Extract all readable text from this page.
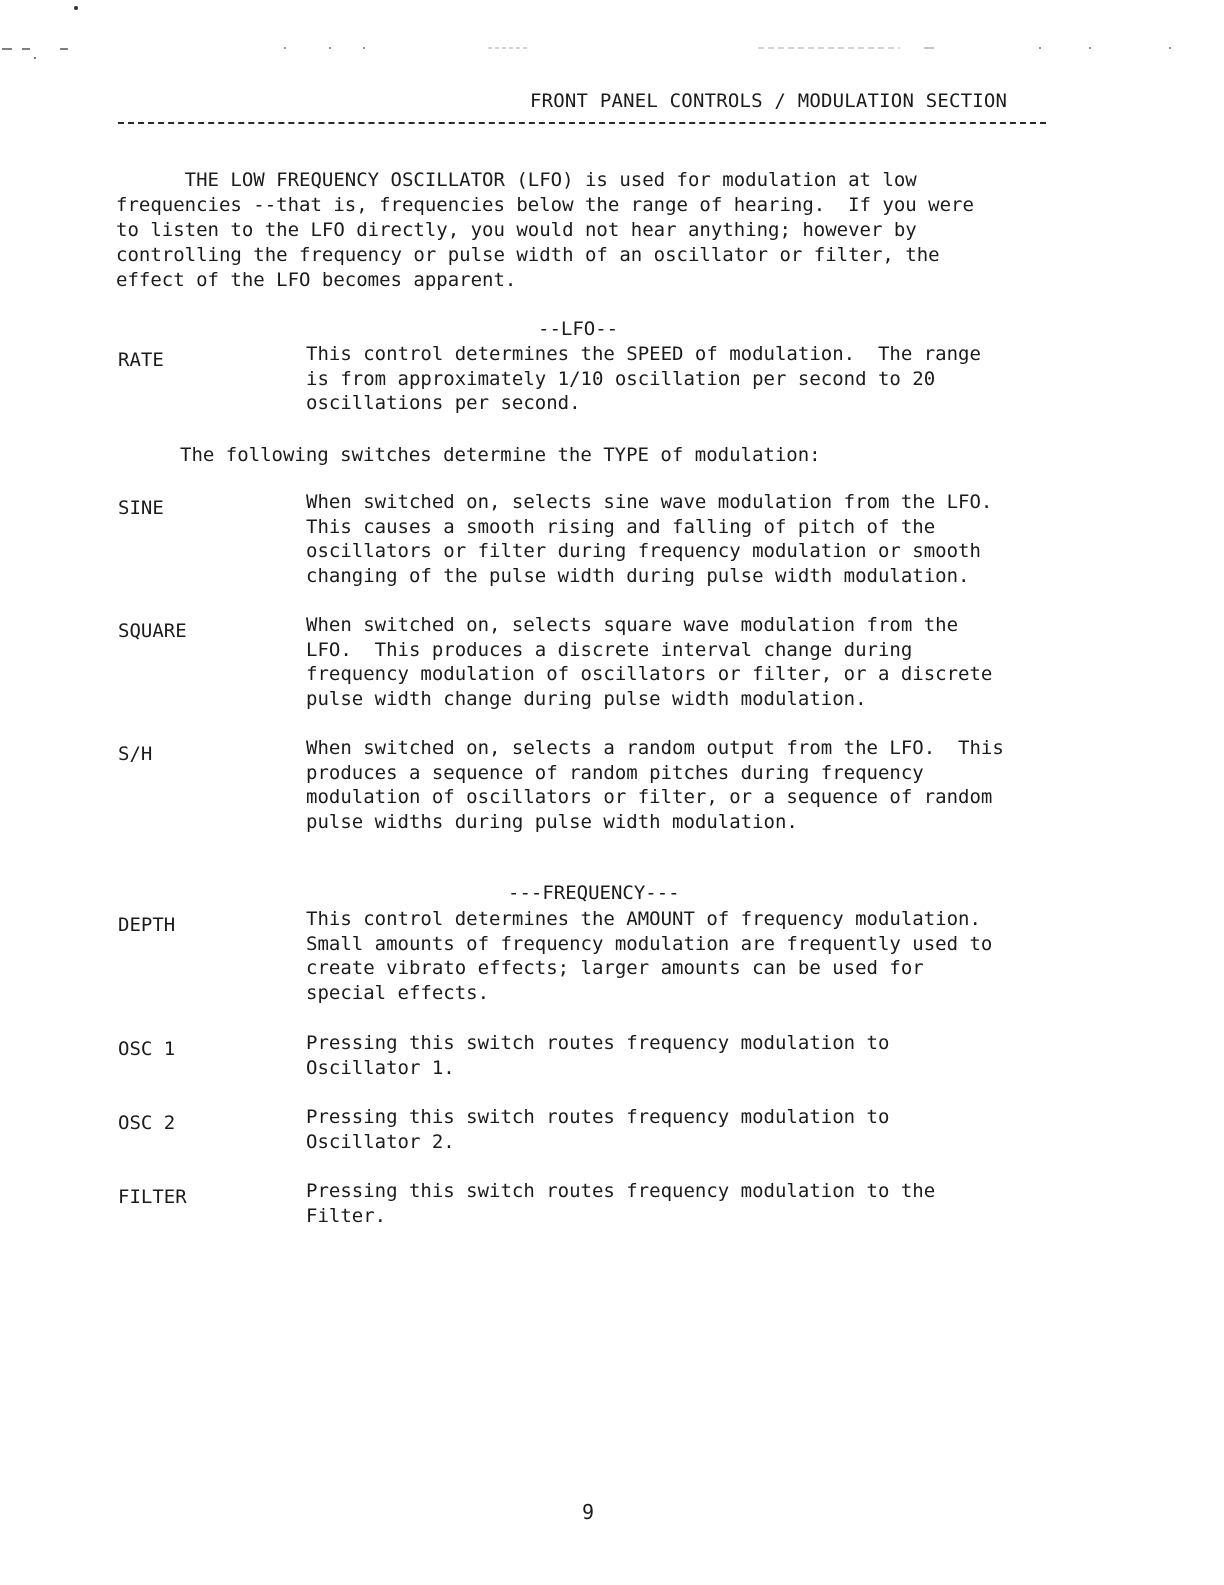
FRONT PANEL CONTROLS / MODULATION SECTION
THE LOW FREQUENCY OSCILLATOR (LFO) is used for modulation at low
frequencies --that is, frequencies below the range of hearing.  If you were
to listen to the LFO directly, you would not hear anything; however by
controlling the frequency or pulse width of an oscillator or filter, the
effect of the LFO becomes apparent.
--LFO--
RATE	This control determines the SPEED of modulation.  The range
is from approximately 1/10 oscillation per second to 20
oscillations per second.
The following switches determine the TYPE of modulation:
SINE	When switched on, selects sine wave modulation from the LFO.
This causes a smooth rising and falling of pitch of the
oscillators or filter during frequency modulation or smooth
changing of the pulse width during pulse width modulation.
SQUARE	When switched on, selects square wave modulation from the
LFO.  This produces a discrete interval change during
frequency modulation of oscillators or filter, or a discrete
pulse width change during pulse width modulation.
S/H	When switched on, selects a random output from the LFO.  This
produces a sequence of random pitches during frequency
modulation of oscillators or filter, or a sequence of random
pulse widths during pulse width modulation.
---FREQUENCY---
DEPTH	This control determines the AMOUNT of frequency modulation.
Small amounts of frequency modulation are frequently used to
create vibrato effects; larger amounts can be used for
special effects.
OSC 1	Pressing this switch routes frequency modulation to
Oscillator 1.
OSC 2	Pressing this switch routes frequency modulation to
Oscillator 2.
FILTER	Pressing this switch routes frequency modulation to the
Filter.
9
